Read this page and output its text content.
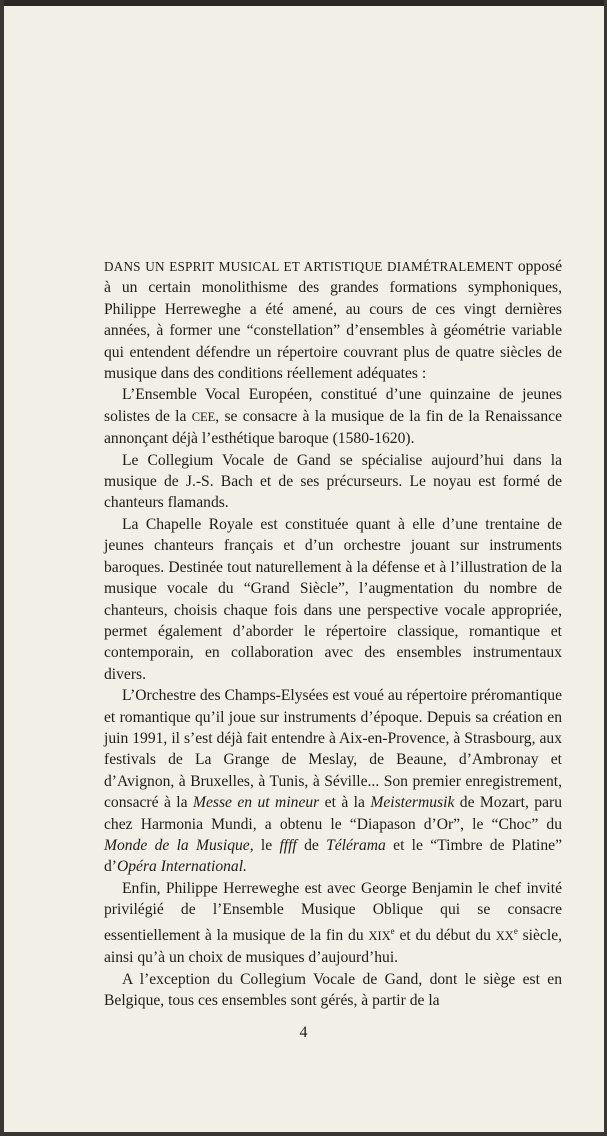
DANS UN ESPRIT MUSICAL ET ARTISTIQUE DIAMÉTRALEMENT opposé à un certain monolithisme des grandes formations symphoniques, Philippe Herreweghe a été amené, au cours de ces vingt dernières années, à former une “constellation” d’ensembles à géométrie variable qui entendent défendre un répertoire couvrant plus de quatre siècles de musique dans des conditions réellement adéquates :

L’Ensemble Vocal Européen, constitué d’une quinzaine de jeunes solistes de la CEE, se consacre à la musique de la fin de la Renaissance annonçant déjà l’esthétique baroque (1580-1620).

Le Collegium Vocale de Gand se spécialise aujourd’hui dans la musique de J.-S. Bach et de ses précurseurs. Le noyau est formé de chanteurs flamands.

La Chapelle Royale est constituée quant à elle d’une trentaine de jeunes chanteurs français et d’un orchestre jouant sur instruments baroques. Destinée tout naturellement à la défense et à l’illustration de la musique vocale du “Grand Siècle”, l’augmentation du nombre de chanteurs, choisis chaque fois dans une perspective vocale appropriée, permet également d’aborder le répertoire classique, romantique et contemporain, en collaboration avec des ensembles instrumentaux divers.

L’Orchestre des Champs-Elysées est voué au répertoire préromantique et romantique qu’il joue sur instruments d’époque. Depuis sa création en juin 1991, il s’est déjà fait entendre à Aix-en-Provence, à Strasbourg, aux festivals de La Grange de Meslay, de Beaune, d’Ambronay et d’Avignon, à Bruxelles, à Tunis, à Séville... Son premier enregistrement, consacré à la Messe en ut mineur et à la Meistermusik de Mozart, paru chez Harmonia Mundi, a obtenu le “Diapason d’Or”, le “Choc” du Monde de la Musique, le ffff de Télérama et le “Timbre de Platine” d’Opéra International.

Enfin, Philippe Herreweghe est avec George Benjamin le chef invité privilégié de l’Ensemble Musique Oblique qui se consacre essentiellement à la musique de la fin du XIXe et du début du XXe siècle, ainsi qu’à un choix de musiques d’aujourd’hui.

A l’exception du Collegium Vocale de Gand, dont le siège est en Belgique, tous ces ensembles sont gérés, à partir de la

4
